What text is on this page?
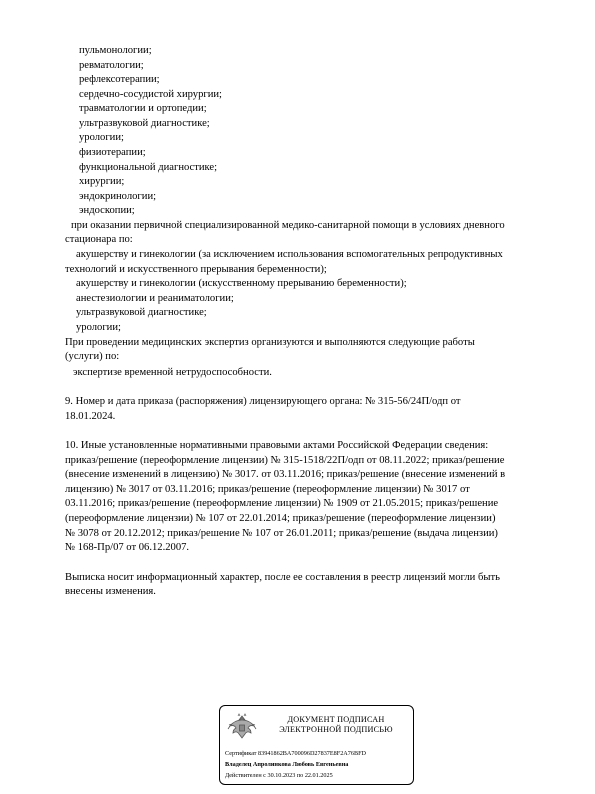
пульмонологии;
ревматологии;
рефлексотерапии;
сердечно-сосудистой хирургии;
травматологии и ортопедии;
ультразвуковой диагностике;
урологии;
физиотерапии;
функциональной диагностике;
хирургии;
эндокринологии;
эндоскопии;
при оказании первичной специализированной медико-санитарной помощи в условиях дневного
стационара по:
акушерству и гинекологии (за исключением использования вспомогательных репродуктивных
технологий и искусственного прерывания беременности);
акушерству и гинекологии (искусственному прерыванию беременности);
анестезиологии и реаниматологии;
ультразвуковой диагностике;
урологии;
При проведении медицинских экспертиз организуются и выполняются следующие работы
(услуги) по:
экспертизе временной нетрудоспособности.
9. Номер и дата приказа (распоряжения) лицензирующего органа: № 315-56/24П/одп от
18.01.2024.
10. Иные установленные нормативными правовыми актами Российской Федерации сведения:
приказ/решение (переоформление лицензии) № 315-1518/22П/одп от 08.11.2022; приказ/решение
(внесение изменений в лицензию) № 3017. от 03.11.2016; приказ/решение (внесение изменений в
лицензию) № 3017 от 03.11.2016; приказ/решение (переоформление лицензии) № 3017 от
03.11.2016; приказ/решение (переоформление лицензии) № 1909 от 21.05.2015; приказ/решение
(переоформление лицензии) № 107 от 22.01.2014; приказ/решение (переоформление лицензии)
№ 3078 от 20.12.2012; приказ/решение № 107 от 26.01.2011; приказ/решение (выдача лицензии)
№ 168-Пр/07 от 06.12.2007.
Выписка носит информационный характер, после ее составления в реестр лицензий могли быть
внесены изменения.
ДОКУМЕНТ ПОДПИСАН
ЭЛЕКТРОННОЙ ПОДПИСЬЮ
Сертификат 83941862BA700096D27837E8F2A76BFD
Владелец Апролинкова Любовь Евгеньевна
Действителен с 30.10.2023 по 22.01.2025
